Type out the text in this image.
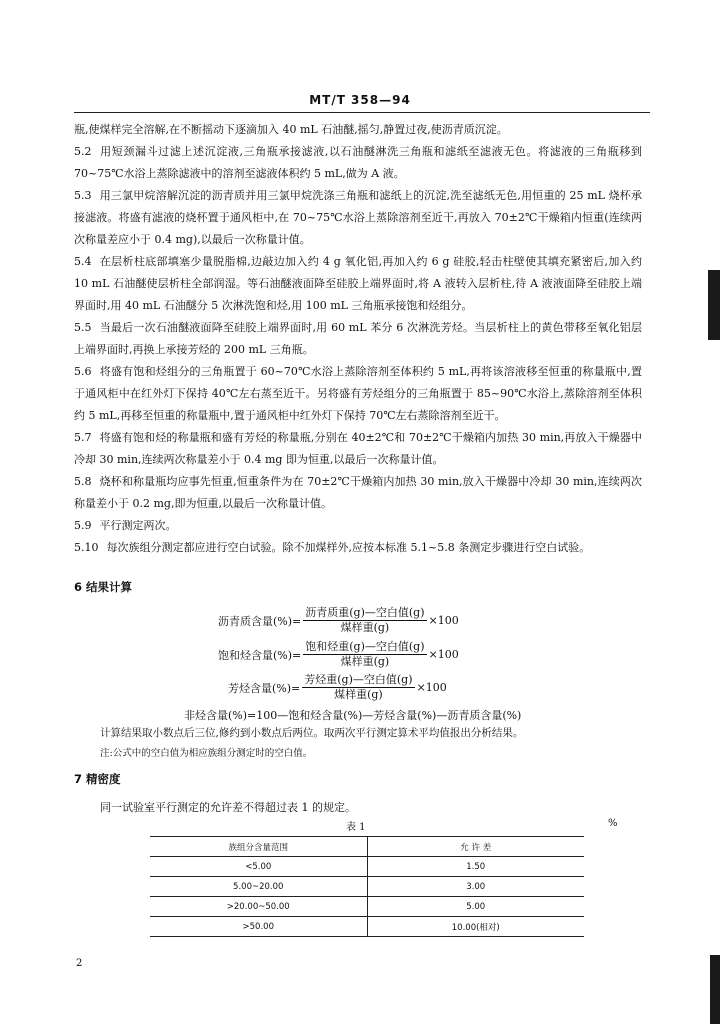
MT/T 358—94

瓶,使煤样完全溶解,在不断摇动下逐滴加入 40 mL 石油醚,摇匀,静置过夜,使沥青质沉淀。

5.2 用短颈漏斗过滤上述沉淀液,三角瓶承接滤液,以石油醚淋洗三角瓶和滤纸至滤液无色。将滤液的三角瓶移到 70~75℃水浴上蒸除滤液中的溶剂至滤液体积约 5 mL,做为 A 液。

5.3 用三氯甲烷溶解沉淀的沥青质并用三氯甲烷洗涤三角瓶和滤纸上的沉淀,洗至滤纸无色,用恒重的 25 mL 烧杯承接滤液。将盛有滤液的烧杯置于通风柜中,在 70~75℃水浴上蒸除溶剂至近干,再放入 70±2℃干燥箱内恒重(连续两次称量差应小于 0.4 mg),以最后一次称量计值。

5.4 在层析柱底部填塞少量脱脂棉,边敲边加入约 4 g 氧化铝,再加入约 6 g 硅胶,轻击柱壁使其填充紧密后,加入约 10 mL 石油醚使层析柱全部润湿。等石油醚液面降至硅胶上端界面时,将 A 液转入层析柱,待 A 液液面降至硅胶上端界面时,用 40 mL 石油醚分 5 次淋洗饱和烃,用 100 mL 三角瓶承接饱和烃组分。

5.5 当最后一次石油醚液面降至硅胶上端界面时,用 60 mL 苯分 6 次淋洗芳烃。当层析柱上的黄色带移至氧化铝层上端界面时,再换上承接芳烃的 200 mL 三角瓶。

5.6 将盛有饱和烃组分的三角瓶置于 60~70℃水浴上蒸除溶剂至体积约 5 mL,再将该溶液移至恒重的称量瓶中,置于通风柜中在红外灯下保持 40℃左右蒸至近干。另将盛有芳烃组分的三角瓶置于 85~90℃水浴上,蒸除溶剂至体积约 5 mL,再移至恒重的称量瓶中,置于通风柜中红外灯下保持 70℃左右蒸除溶剂至近干。

5.7 将盛有饱和烃的称量瓶和盛有芳烃的称量瓶,分别在 40±2℃和 70±2℃干燥箱内加热 30 min,再放入干燥器中冷却 30 min,连续两次称量差小于 0.4 mg 即为恒重,以最后一次称量计值。

5.8 烧杯和称量瓶均应事先恒重,恒重条件为在 70±2℃干燥箱内加热 30 min,放入干燥器中冷却 30 min,连续两次称量差小于 0.2 mg,即为恒重,以最后一次称量计值。

5.9 平行测定两次。

5.10 每次族组分测定都应进行空白试验。除不加煤样外,应按本标准 5.1~5.8 条测定步骤进行空白试验。

6 结果计算
沥青质含量(%)= $\frac{\text{沥青质重(g)—空白值(g)}}{\text{煤样重(g)}} \times 100$
饱和烃含量(%)= $\frac{\text{饱和烃重(g)—空白值(g)}}{\text{煤样重(g)}} \times 100$
芳烃含量(%)= $\frac{\text{芳烃重(g)—空白值(g)}}{\text{煤样重(g)}} \times 100$
非烃含量(%)=100—饱和烃含量(%)—芳烃含量(%)—沥青质含量(%)
计算结果取小数点后三位,修约到小数点后两位。取两次平行测定算术平均值报出分析结果。
注:公式中的空白值为相应族组分测定时的空白值。
7 精密度
同一试验室平行测定的允许差不得超过表 1 的规定。
表 1	%
族组分含量范围	允 许 差
<5.00	1.50
5.00~20.00	3.00
>20.00~50.00	5.00
>50.00	10.00(相对)
2
